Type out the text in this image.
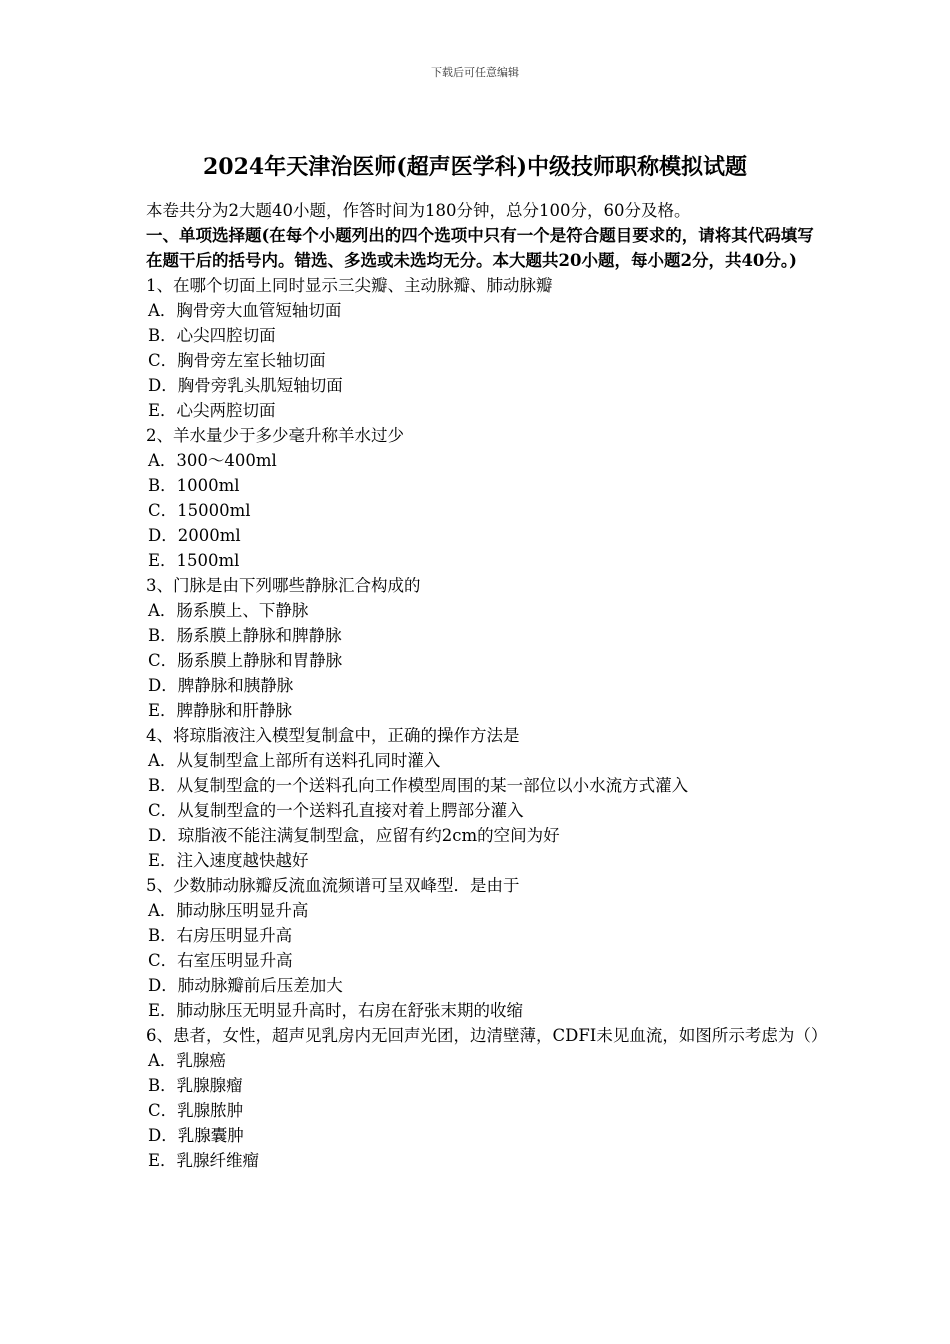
下载后可任意编辑
2024年天津治医师(超声医学科)中级技师职称模拟试题
本卷共分为2大题40小题，作答时间为180分钟，总分100分，60分及格。
一、单项选择题(在每个小题列出的四个选项中只有一个是符合题目要求的，请将其代码填写在题干后的括号内。错选、多选或未选均无分。本大题共20小题，每小题2分，共40分。)
1、在哪个切面上同时显示三尖瓣、主动脉瓣、肺动脉瓣
A．胸骨旁大血管短轴切面
B．心尖四腔切面
C．胸骨旁左室长轴切面
D．胸骨旁乳头肌短轴切面
E．心尖两腔切面
2、羊水量少于多少毫升称羊水过少
A．300～400ml
B．1000ml
C．15000ml
D．2000ml
E．1500ml
3、门脉是由下列哪些静脉汇合构成的
A．肠系膜上、下静脉
B．肠系膜上静脉和脾静脉
C．肠系膜上静脉和胃静脉
D．脾静脉和胰静脉
E．脾静脉和肝静脉
4、将琼脂液注入模型复制盒中，正确的操作方法是
A．从复制型盒上部所有送料孔同时灌入
B．从复制型盒的一个送料孔向工作模型周围的某一部位以小水流方式灌入
C．从复制型盒的一个送料孔直接对着上腭部分灌入
D．琼脂液不能注满复制型盒，应留有约2cm的空间为好
E．注入速度越快越好
5、少数肺动脉瓣反流血流频谱可呈双峰型．是由于
A．肺动脉压明显升高
B．右房压明显升高
C．右室压明显升高
D．肺动脉瓣前后压差加大
E．肺动脉压无明显升高时，右房在舒张末期的收缩
6、患者，女性，超声见乳房内无回声光团，边清壁薄，CDFI未见血流，如图所示考虑为（）
A．乳腺癌
B．乳腺腺瘤
C．乳腺脓肿
D．乳腺囊肿
E．乳腺纤维瘤
